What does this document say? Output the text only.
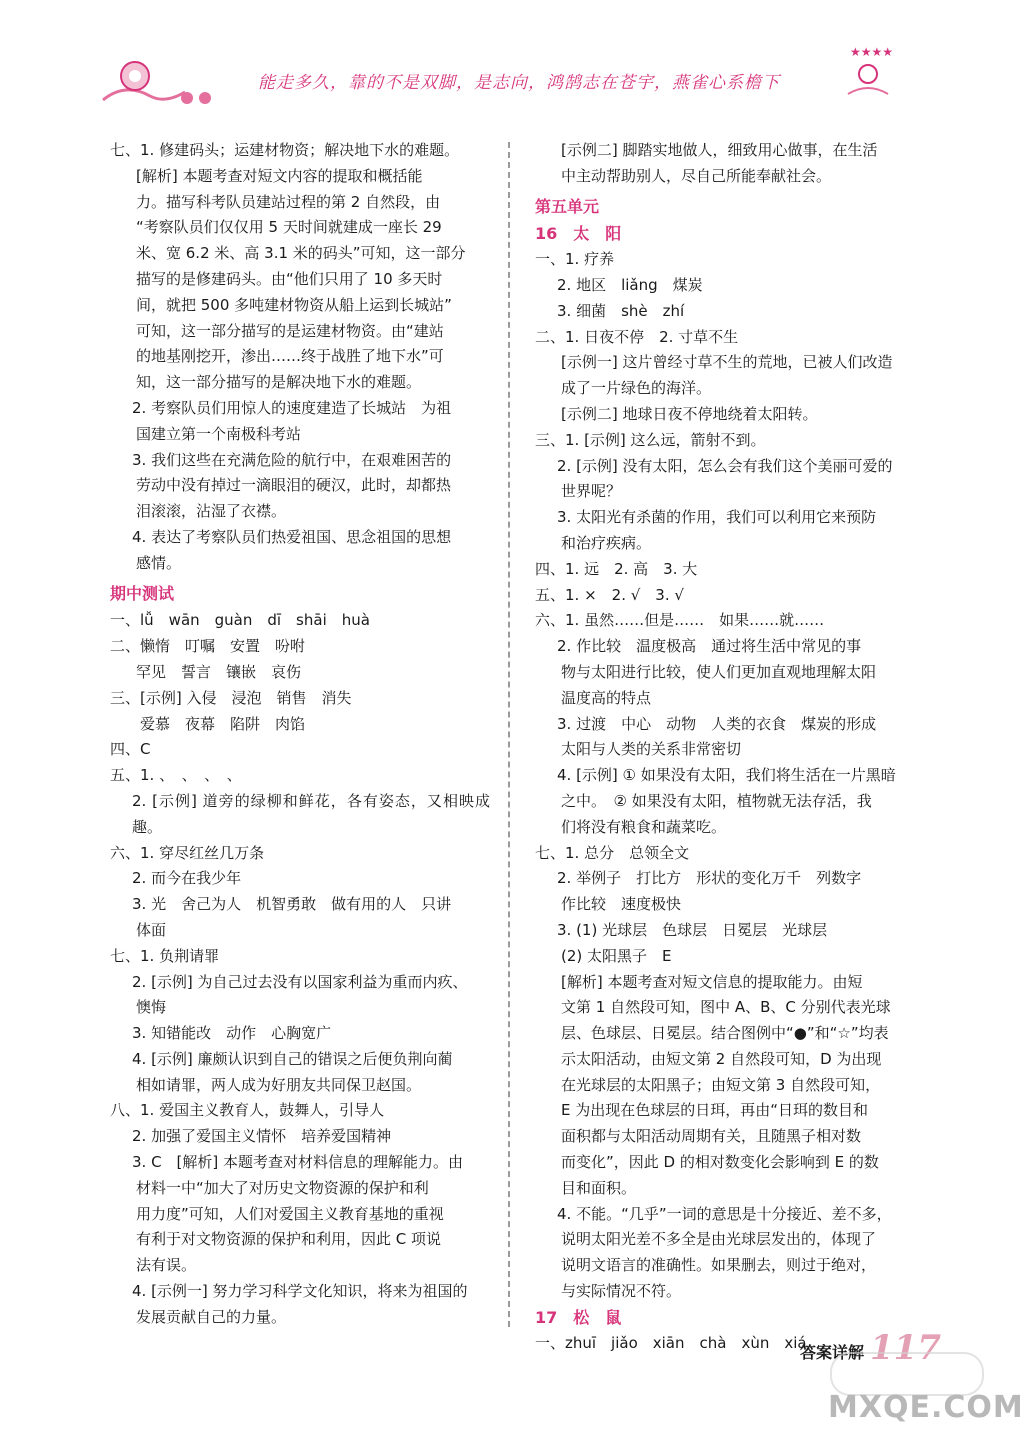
能走多久，靠的不是双脚，是志向，鸿鹄志在苍宇，燕雀心系檐下
★★★★

七、1. 修建码头；运建材物资；解决地下水的难题。

[解析] 本题考查对短文内容的提取和概括能

力。描写科考队员建站过程的第 2 自然段，由

“考察队员们仅仅用 5 天时间就建成一座长 29

米、宽 6.2 米、高 3.1 米的码头”可知，这一部分

描写的是修建码头。由“他们只用了 10 多天时

间，就把 500 多吨建材物资从船上运到长城站”

可知，这一部分描写的是运建材物资。由“建站

的地基刚挖开，渗出……终于战胜了地下水”可

知，这一部分描写的是解决地下水的难题。

2. 考察队员们用惊人的速度建造了长城站　为祖

国建立第一个南极科考站

3. 我们这些在充满危险的航行中，在艰难困苦的

劳动中没有掉过一滴眼泪的硬汉，此时，却都热

泪滚滚，沾湿了衣襟。

4. 表达了考察队员们热爱祖国、思念祖国的思想

感情。

期中测试

一、lǚ　wān　guàn　dī　shāi　huà

二、懒惰　叮嘱　安置　吩咐

罕见　誓言　镶嵌　哀伤

三、[示例] 入侵　浸泡　销售　消失

爱慕　夜幕　陷阱　肉馅

四、C

五、1. 、　、　、　、

2. [示例] 道旁的绿柳和鲜花，各有姿态，又相映成趣。

六、1. 穿尽红丝几万条

2. 而今在我少年

3. 光　舍己为人　机智勇敢　做有用的人　只讲

体面

七、1. 负荆请罪

2. [示例] 为自己过去没有以国家利益为重而内疚、

懊悔

3. 知错能改　动作　心胸宽广

4. [示例] 廉颇认识到自己的错误之后便负荆向蔺

相如请罪，两人成为好朋友共同保卫赵国。

八、1. 爱国主义教育人，鼓舞人，引导人

2. 加强了爱国主义情怀　培养爱国精神

3. C　[解析] 本题考查对材料信息的理解能力。由

材料一中“加大了对历史文物资源的保护和利

用力度”可知，人们对爱国主义教育基地的重视

有利于对文物资源的保护和利用，因此 C 项说

法有误。

4. [示例一] 努力学习科学文化知识，将来为祖国的

发展贡献自己的力量。

[示例二] 脚踏实地做人，细致用心做事，在生活

中主动帮助别人，尽自己所能奉献社会。

第五单元

16　太　阳

一、1. 疗养

2. 地区　liǎng　煤炭

3. 细菌　shè　zhí

二、1. 日夜不停　2. 寸草不生

[示例一] 这片曾经寸草不生的荒地，已被人们改造

成了一片绿色的海洋。

[示例二] 地球日夜不停地绕着太阳转。

三、1. [示例] 这么远，箭射不到。

2. [示例] 没有太阳，怎么会有我们这个美丽可爱的

世界呢？

3. 太阳光有杀菌的作用，我们可以利用它来预防

和治疗疾病。

四、1. 远　2. 高　3. 大

五、1. ×　2. √　3. √

六、1. 虽然……但是……　如果……就……

2. 作比较　温度极高　通过将生活中常见的事

物与太阳进行比较，使人们更加直观地理解太阳

温度高的特点

3. 过渡　中心　动物　人类的衣食　煤炭的形成

太阳与人类的关系非常密切

4. [示例] ① 如果没有太阳，我们将生活在一片黑暗

之中。　② 如果没有太阳，植物就无法存活，我

们将没有粮食和蔬菜吃。

七、1. 总分　总领全文

2. 举例子　打比方　形状的变化万千　列数字

作比较　速度极快

3. (1) 光球层　色球层　日冕层　光球层

(2) 太阳黑子　E

[解析] 本题考查对短文信息的提取能力。由短

文第 1 自然段可知，图中 A、B、C 分别代表光球

层、色球层、日冕层。结合图例中“●”和“☆”均表

示太阳活动，由短文第 2 自然段可知，D 为出现

在光球层的太阳黑子；由短文第 3 自然段可知，

E 为出现在色球层的日珥，再由“日珥的数目和

面积都与太阳活动周期有关，且随黑子相对数

而变化”，因此 D 的相对数变化会影响到 E 的数

目和面积。

4. 不能。“几乎”一词的意思是十分接近、差不多，

说明太阳光差不多全是由光球层发出的，体现了

说明文语言的准确性。如果删去，则过于绝对，

与实际情况不符。

17　松　鼠

一、zhuī　jiǎo　xiān　chà　xùn　xiá

答案详解 117
MXQE.COM
